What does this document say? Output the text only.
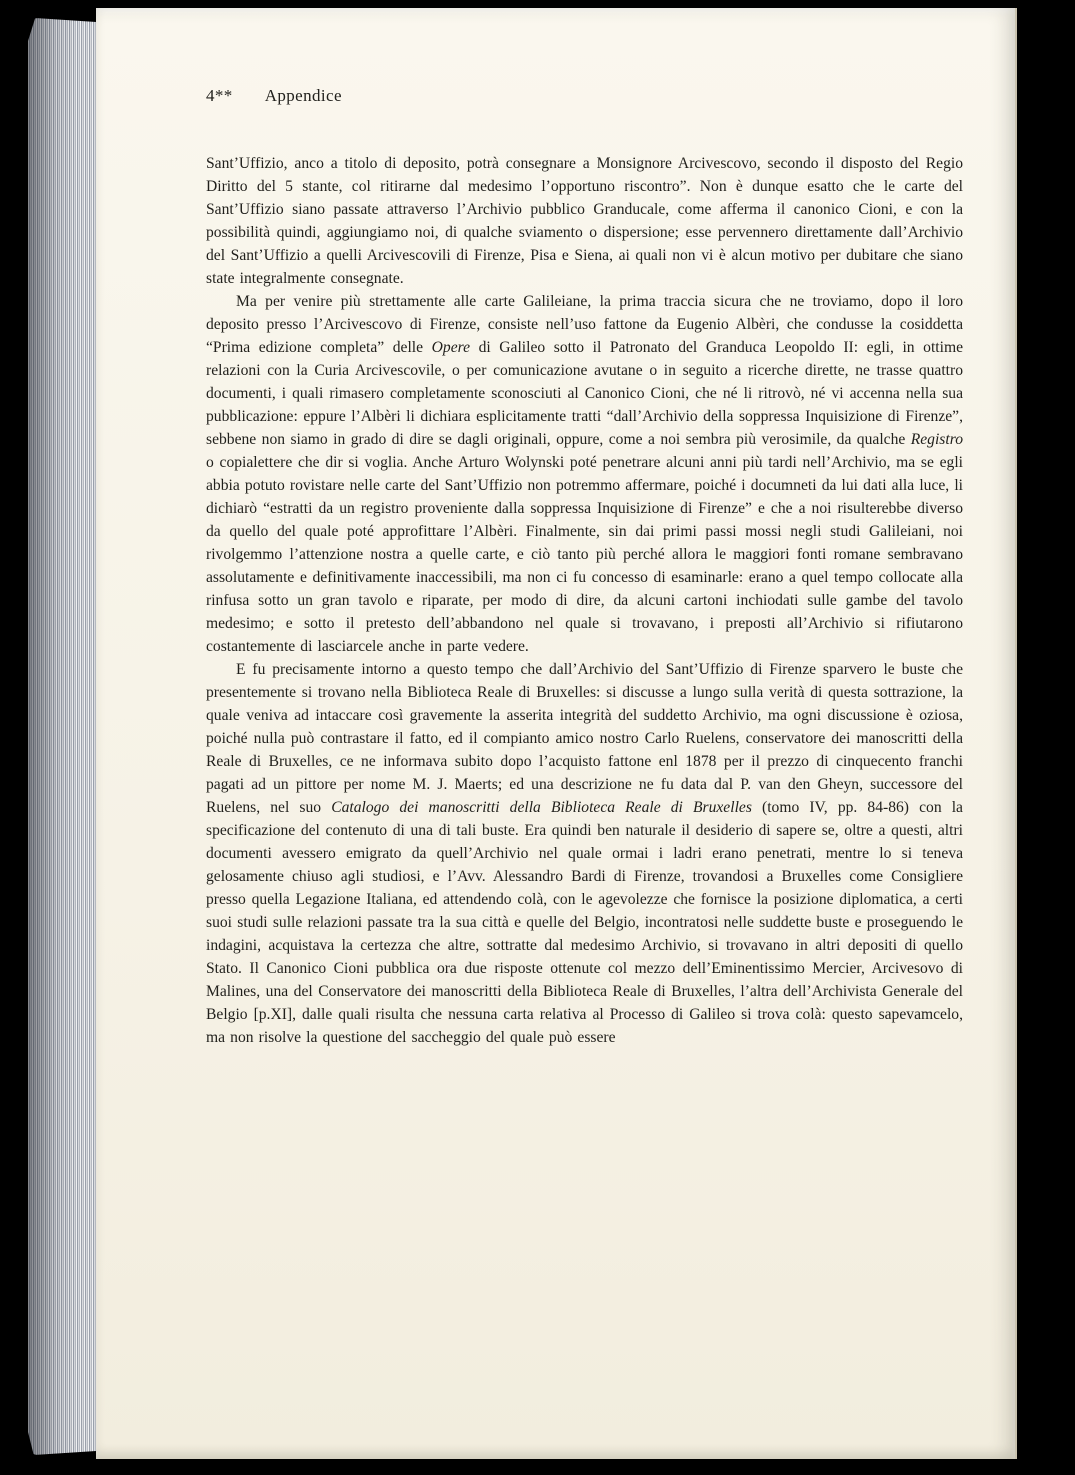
4** Appendice

Sant’Uffizio, anco a titolo di deposito, potrà consegnare a Monsignore Arcivescovo, secondo il disposto del Regio Diritto del 5 stante, col ritirarne dal medesimo l’opportuno riscontro”. Non è dunque esatto che le carte del Sant’Uffizio siano passate attraverso l’Archivio pubblico Granducale, come afferma il canonico Cioni, e con la possibilità quindi, aggiungiamo noi, di qualche sviamento o dispersione; esse pervennero direttamente dall’Archivio del Sant’Uffizio a quelli Arcivescovili di Firenze, Pisa e Siena, ai quali non vi è alcun motivo per dubitare che siano state integralmente consegnate.

Ma per venire più strettamente alle carte Galileiane, la prima traccia sicura che ne troviamo, dopo il loro deposito presso l’Arcivescovo di Firenze, consiste nell’uso fattone da Eugenio Albèri, che condusse la cosiddetta “Prima edizione completa” delle Opere di Galileo sotto il Patronato del Granduca Leopoldo II: egli, in ottime relazioni con la Curia Arcivescovile, o per comunicazione avutane o in seguito a ricerche dirette, ne trasse quattro documenti, i quali rimasero completamente sconosciuti al Canonico Cioni, che né li ritrovò, né vi accenna nella sua pubblicazione: eppure l’Albèri li dichiara esplicitamente tratti “dall’Archivio della soppressa Inquisizione di Firenze”, sebbene non siamo in grado di dire se dagli originali, oppure, come a noi sembra più verosimile, da qualche Registro o copialettere che dir si voglia. Anche Arturo Wolynski poté penetrare alcuni anni più tardi nell’Archivio, ma se egli abbia potuto rovistare nelle carte del Sant’Uffizio non potremmo affermare, poiché i documneti da lui dati alla luce, li dichiarò “estratti da un registro proveniente dalla soppressa Inquisizione di Firenze” e che a noi risulterebbe diverso da quello del quale poté approfittare l’Albèri. Finalmente, sin dai primi passi mossi negli studi Galileiani, noi rivolgemmo l’attenzione nostra a quelle carte, e ciò tanto più perché allora le maggiori fonti romane sembravano assolutamente e definitivamente inaccessibili, ma non ci fu concesso di esaminarle: erano a quel tempo collocate alla rinfusa sotto un gran tavolo e riparate, per modo di dire, da alcuni cartoni inchiodati sulle gambe del tavolo medesimo; e sotto il pretesto dell’abbandono nel quale si trovavano, i preposti all’Archivio si rifiutarono costantemente di lasciarcele anche in parte vedere.

E fu precisamente intorno a questo tempo che dall’Archivio del Sant’Uffizio di Firenze sparvero le buste che presentemente si trovano nella Biblioteca Reale di Bruxelles: si discusse a lungo sulla verità di questa sottrazione, la quale veniva ad intaccare così gravemente la asserita integrità del suddetto Archivio, ma ogni discussione è oziosa, poiché nulla può contrastare il fatto, ed il compianto amico nostro Carlo Ruelens, conservatore dei manoscritti della Reale di Bruxelles, ce ne informava subito dopo l’acquisto fattone enl 1878 per il prezzo di cinquecento franchi pagati ad un pittore per nome M. J. Maerts; ed una descrizione ne fu data dal P. van den Gheyn, successore del Ruelens, nel suo Catalogo dei manoscritti della Biblioteca Reale di Bruxelles (tomo IV, pp. 84-86) con la specificazione del contenuto di una di tali buste. Era quindi ben naturale il desiderio di sapere se, oltre a questi, altri documenti avessero emigrato da quell’Archivio nel quale ormai i ladri erano penetrati, mentre lo si teneva gelosamente chiuso agli studiosi, e l’Avv. Alessandro Bardi di Firenze, trovandosi a Bruxelles come Consigliere presso quella Legazione Italiana, ed attendendo colà, con le agevolezze che fornisce la posizione diplomatica, a certi suoi studi sulle relazioni passate tra la sua città e quelle del Belgio, incontratosi nelle suddette buste e proseguendo le indagini, acquistava la certezza che altre, sottratte dal medesimo Archivio, si trovavano in altri depositi di quello Stato. Il Canonico Cioni pubblica ora due risposte ottenute col mezzo dell’Eminentissimo Mercier, Arcivesovo di Malines, una del Conservatore dei manoscritti della Biblioteca Reale di Bruxelles, l’altra dell’Archivista Generale del Belgio [p.XI], dalle quali risulta che nessuna carta relativa al Processo di Galileo si trova colà: questo sapevamcelo, ma non risolve la questione del saccheggio del quale può essere
